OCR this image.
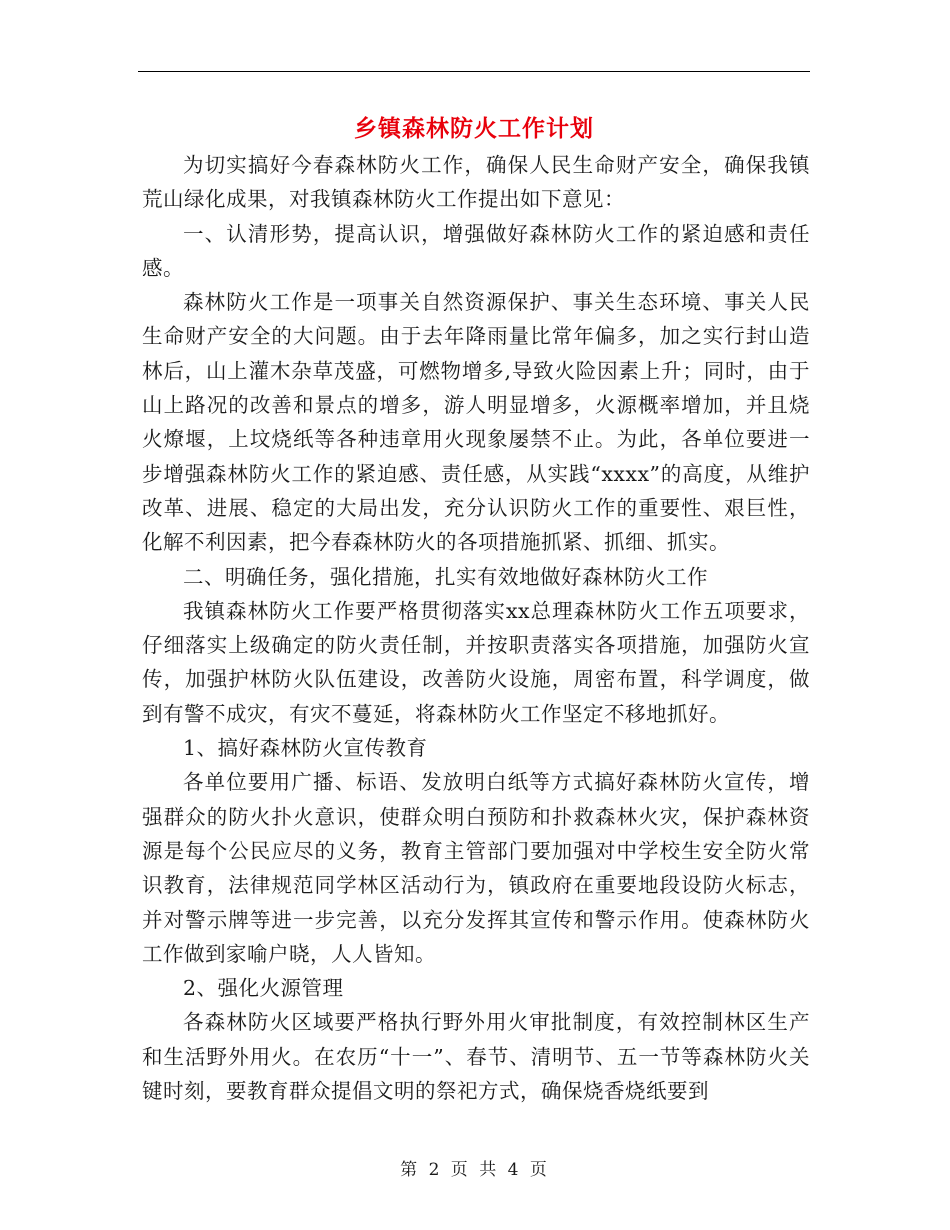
乡镇森林防火工作计划

为切实搞好今春森林防火工作，确保人民生命财产安全，确保我镇荒山绿化成果，对我镇森林防火工作提出如下意见：

一、认清形势，提高认识，增强做好森林防火工作的紧迫感和责任感。

森林防火工作是一项事关自然资源保护、事关生态环境、事关人民生命财产安全的大问题。由于去年降雨量比常年偏多，加之实行封山造林后，山上灌木杂草茂盛，可燃物增多,导致火险因素上升；同时，由于山上路况的改善和景点的增多，游人明显增多，火源概率增加，并且烧火燎堰，上坟烧纸等各种违章用火现象屡禁不止。为此，各单位要进一步增强森林防火工作的紧迫感、责任感，从实践“xxxx”的高度，从维护改革、进展、稳定的大局出发，充分认识防火工作的重要性、艰巨性，化解不利因素，把今春森林防火的各项措施抓紧、抓细、抓实。

二、明确任务，强化措施，扎实有效地做好森林防火工作

我镇森林防火工作要严格贯彻落实xx总理森林防火工作五项要求，仔细落实上级确定的防火责任制，并按职责落实各项措施，加强防火宣传，加强护林防火队伍建设，改善防火设施，周密布置，科学调度，做到有警不成灾，有灾不蔓延，将森林防火工作坚定不移地抓好。

1、搞好森林防火宣传教育

各单位要用广播、标语、发放明白纸等方式搞好森林防火宣传，增强群众的防火扑火意识，使群众明白预防和扑救森林火灾，保护森林资源是每个公民应尽的义务，教育主管部门要加强对中学校生安全防火常识教育，法律规范同学林区活动行为，镇政府在重要地段设防火标志，并对警示牌等进一步完善，以充分发挥其宣传和警示作用。使森林防火工作做到家喻户晓，人人皆知。

2、强化火源管理

各森林防火区域要严格执行野外用火审批制度，有效控制林区生产和生活野外用火。在农历“十一”、春节、清明节、五一节等森林防火关键时刻，要教育群众提倡文明的祭祀方式，确保烧香烧纸要到

第 2 页 共 4 页
